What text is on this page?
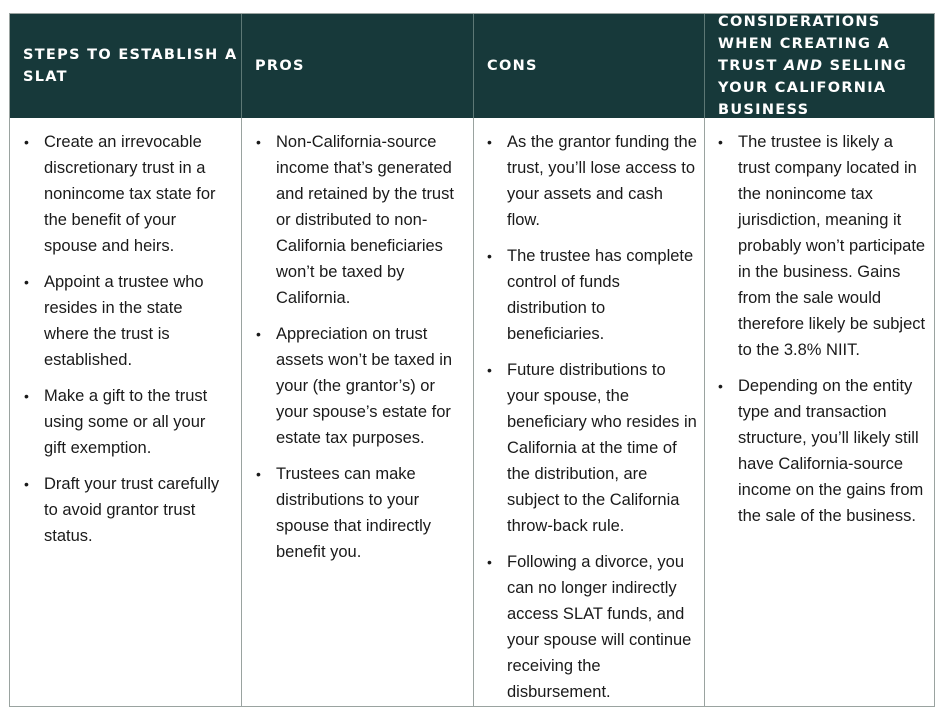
STEPS TO ESTABLISH A SLAT
PROS	CONS
CONSIDERATIONS WHEN CREATING A TRUST AND SELLING YOUR CALIFORNIA BUSINESS
• Create an irrevocable discretionary trust in a nonincome tax state for the benefit of your spouse and heirs.
• Appoint a trustee who resides in the state where the trust is established.
• Make a gift to the trust using some or all your gift exemption.
• Draft your trust carefully to avoid grantor trust status.
• Non-California-source income that’s generated and retained by the trust or distributed to non-California beneficiaries won’t be taxed by California.
• Appreciation on trust assets won’t be taxed in your (the grantor’s) or your spouse’s estate for estate tax purposes.
• Trustees can make distributions to your spouse that indirectly benefit you.
• As the grantor funding the trust, you’ll lose access to your assets and cash flow.
• The trustee has complete control of funds distribution to beneficiaries.
• Future distributions to your spouse, the beneficiary who resides in California at the time of the distribution, are subject to the California throw-back rule.
• Following a divorce, you can no longer indirectly access SLAT funds, and your spouse will continue receiving the disbursement.
• The trustee is likely a trust company located in the nonincome tax jurisdiction, meaning it probably won’t participate in the business. Gains from the sale would therefore likely be subject to the 3.8% NIIT.
• Depending on the entity type and transaction structure, you’ll likely still have California-source income on the gains from the sale of the business.
